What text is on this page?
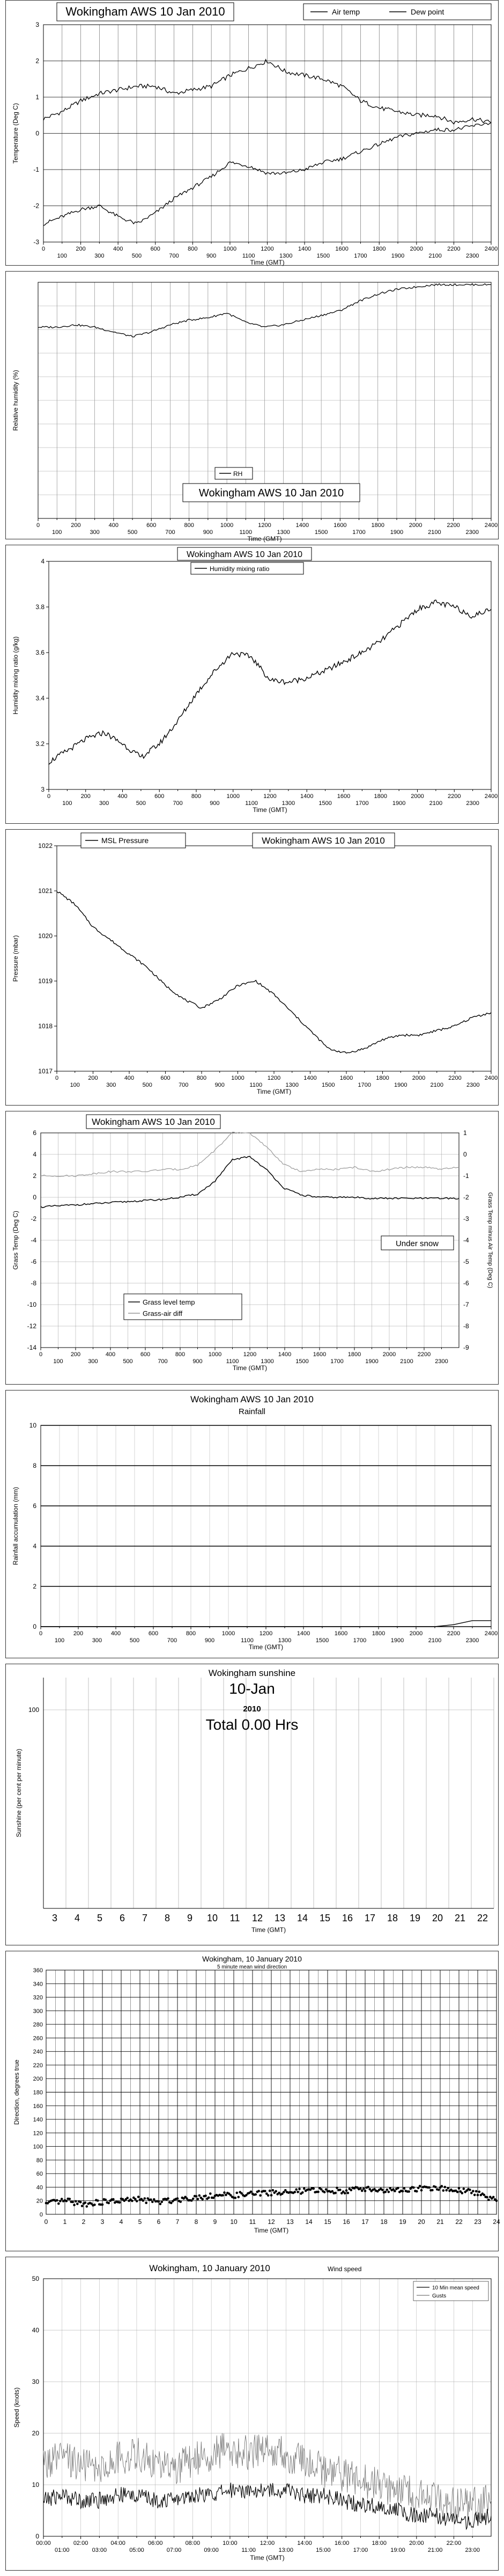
3
2
1
0
-1
-2
-3
Wokingham AWS 10 Jan 2010	Air temp	Dew point
0	200	400	600	800	1000	1200	1400	1600	1800	2000	2200	2400
100	300	500	700	900	1100	1300	1500	1700	1900	2100	2300
Time (GMT)
Temperature (Deg C)
RH
Wokingham AWS 10 Jan 2010
0	200	400	600	800	1000	1200	1400	1600	1800	2000	2200	2400
100	300	500	700	900	1100	1300	1500	1700	1900	2100	2300
Time (GMT)
Relative humidity (%)
4
3.8
3.6
3.4
3.2
3
Wokingham AWS 10 Jan 2010
Humidity mixing ratio
0	200	400	600	800	1000	1200	1400	1600	1800	2000	2200	2400
100	300	500	700	900	1100	1300	1500	1700	1900	2100	2300
Time (GMT)
Humidity mixing ratio (g/kg)
1022
1021
1020
1019
1018
1017
MSL Pressure	Wokingham AWS 10 Jan 2010
0	200	400	600	800	1000	1200	1400	1600	1800	2000	2200	2400
100	300	500	700	900	1100	1300	1500	1700	1900	2100	2300
Time (GMT)
Pressure (mbar)
6
4
2
0
-2
-4
-6
-8
-10
-12
-14
1
0
-1
-2
-3
-4
-5
-6
-7
-8
-9
Wokingham AWS 10 Jan 2010
Under snow
Grass level temp
Grass-air diff
0	200	400	600	800	1000	1200	1400	1600	1800	2000	2200
100	300	500	700	900	1100	1300	1500	1700	1900	2100	2300
Time (GMT)
Grass Temp (Deg C)	Grass Temp minus Air Temp (Deg C)
Wokingham AWS 10 Jan 2010
Rainfall
10
8
6
4
2
0
0	200	400	600	800	1000	1200	1400	1600	1800	2000	2200	2400
100	300	500	700	900	1100	1300	1500	1700	1900	2100	2300
Time (GMT)
Rainfall accumulation (mm)
100
Wokingham sunshine
10-Jan
2010
Total 0.00 Hrs
3 4 5 6 7 8 9 10 11 12 13 14 15 16 17 18 19 20 21 22
Time (GMT)
Sunshine (per cent per minute)
360
340
320
300
280
260
240
220
200
180
160
140
120
100
80
60
40
20
0
Wokingham, 10 January 2010
5 minute mean wind direction
0 1 2 3 4 5 6 7 8 9 10 11 12 13 14 15 16 17 18 19 20 21 22 23 24
Time (GMT)
Direction, degrees true
50
40
30
20
10
0
Wokingham, 10 January 2010	Wind speed
10 Min mean speed
Gusts
00:00	02:00	04:00	06:00	08:00	10:00	12:00	14:00	16:00	18:00	20:00	22:00
01:00	03:00	05:00	07:00	09:00	11:00	13:00	15:00	17:00	19:00	21:00	23:00
Time (GMT)
Speed (knots)
